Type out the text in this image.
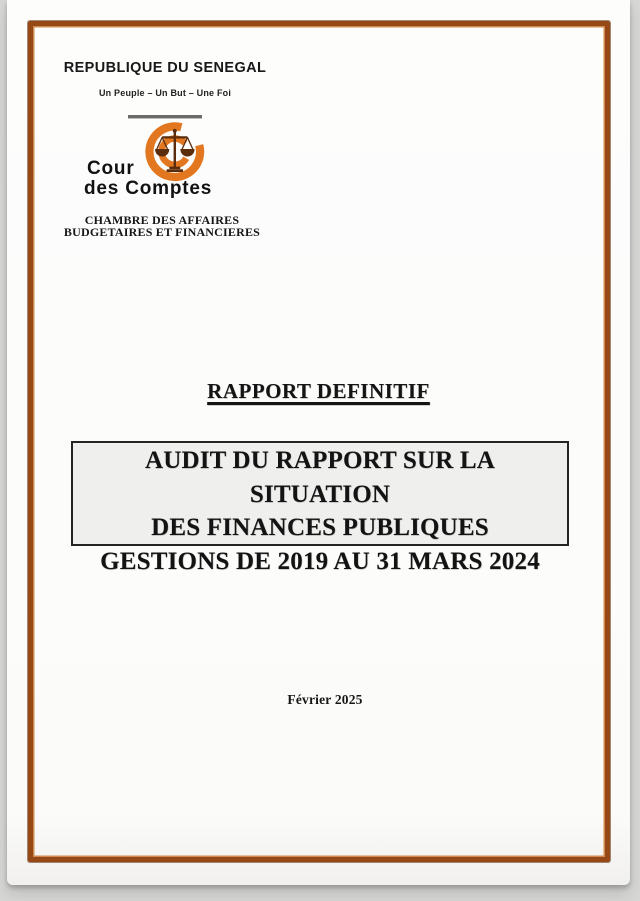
REPUBLIQUE DU SENEGAL
Un Peuple – Un But – Une Foi
Cour
des Comptes
CHAMBRE DES AFFAIRES
BUDGETAIRES ET FINANCIERES
RAPPORT DEFINITIF
AUDIT DU RAPPORT SUR LA SITUATION
DES FINANCES PUBLIQUES
GESTIONS DE 2019 AU 31 MARS 2024
Février 2025
